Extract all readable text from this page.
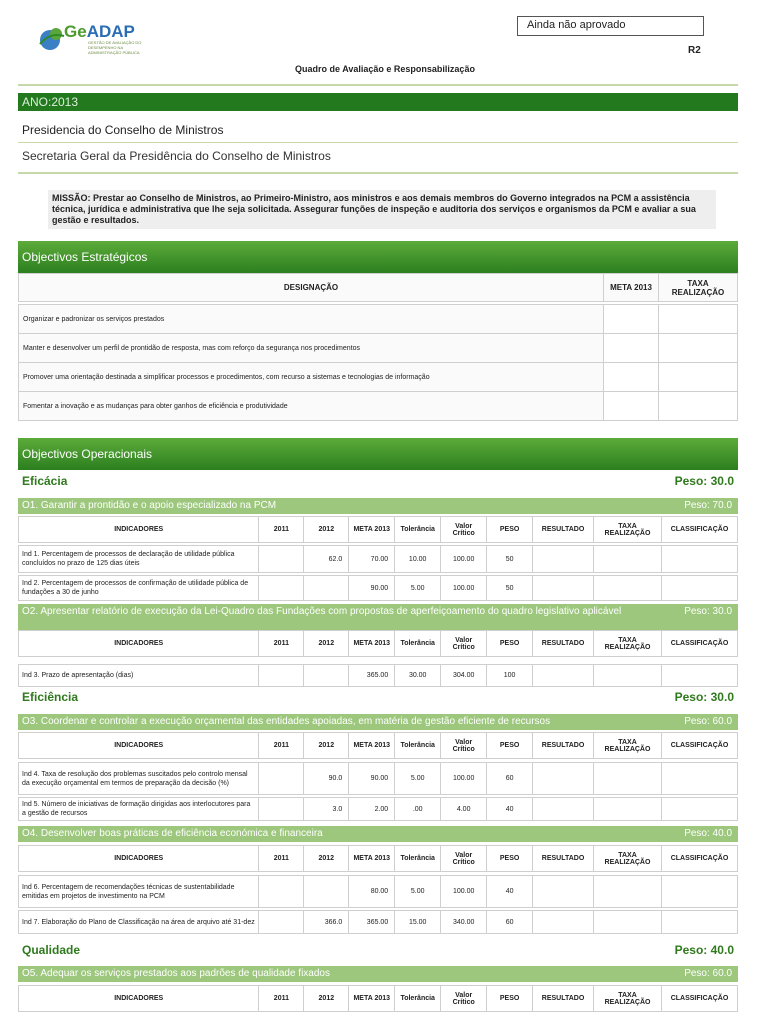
GeADAP
GESTÃO DE AVALIAÇÃO DO DESEMPENHO NA ADMINISTRAÇÃO PÚBLICA
Ainda não aprovado
R2
Quadro de Avaliação e Responsabilização
ANO:2013
Presidencia do Conselho de Ministros
Secretaria Geral da Presidência do Conselho de Ministros
MISSÃO: Prestar ao Conselho de Ministros, ao Primeiro-Ministro, aos ministros e aos demais membros do Governo integrados na PCM a assistência técnica, jurídica e administrativa que lhe seja solicitada. Assegurar funções de inspeção e auditoria dos serviços e organismos da PCM e avaliar a sua gestão e resultados.
Objectivos Estratégicos
DESIGNAÇÃO	META 2013	TAXA REALIZAÇÃO

Organizar e padronizar os serviços prestados		
Manter e desenvolver um perfil de prontidão de resposta, mas com reforço da segurança nos procedimentos		
Promover uma orientação destinada a simplificar processos e procedimentos, com recurso a sistemas e tecnologias de informação		
Fomentar a inovação e as mudanças para obter ganhos de eficiência e produtividade		
Objectivos Operacionais
Eficácia	Peso: 30.0
O1. Garantir a prontidão e o apoio especializado na PCM	Peso: 70.0
INDICADORES	2011	2012	META 2013	Tolerância	Valor Crítico	PESO	RESULTADO	TAXA REALIZAÇÃO	CLASSIFICAÇÃO

Ind 1. Percentagem de processos de declaração de utilidade pública concluídos no prazo de 125 dias úteis		62.0	70.00	10.00	100.00	50			

Ind 2. Percentagem de processos de confirmação de utilidade pública de fundações a 30 de junho			90.00	5.00	100.00	50			
O2. Apresentar relatório de execução da Lei-Quadro das Fundações com propostas de aperfeiçoamento do quadro legislativo aplicável	Peso: 30.0
INDICADORES	2011	2012	META 2013	Tolerância	Valor Crítico	PESO	RESULTADO	TAXA REALIZAÇÃO	CLASSIFICAÇÃO

Ind 3. Prazo de apresentação (dias)			365.00	30.00	304.00	100			
Eficiência	Peso: 30.0
O3. Coordenar e controlar a execução orçamental das entidades apoiadas, em matéria de gestão eficiente de recursos	Peso: 60.0
INDICADORES	2011	2012	META 2013	Tolerância	Valor Crítico	PESO	RESULTADO	TAXA REALIZAÇÃO	CLASSIFICAÇÃO

Ind 4. Taxa de resolução dos problemas suscitados pelo controlo mensal da execução orçamental em termos de preparação da decisão (%)		90.0	90.00	5.00	100.00	60			

Ind 5. Número de iniciativas de formação dirigidas aos interlocutores para a gestão de recursos		3.0	2.00	.00	4.00	40			
O4. Desenvolver boas práticas de eficiência económica e financeira	Peso: 40.0
INDICADORES	2011	2012	META 2013	Tolerância	Valor Crítico	PESO	RESULTADO	TAXA REALIZAÇÃO	CLASSIFICAÇÃO

Ind 6. Percentagem de recomendações técnicas de sustentabilidade emitidas em projetos de investimento na PCM			80.00	5.00	100.00	40			

Ind 7. Elaboração do Plano de Classificação na área de arquivo até 31-dez		366.0	365.00	15.00	340.00	60			
Qualidade	Peso: 40.0
O5. Adequar os serviços prestados aos padrões de qualidade fixados	Peso: 60.0
INDICADORES	2011	2012	META 2013	Tolerância	Valor Crítico	PESO	RESULTADO	TAXA REALIZAÇÃO	CLASSIFICAÇÃO
